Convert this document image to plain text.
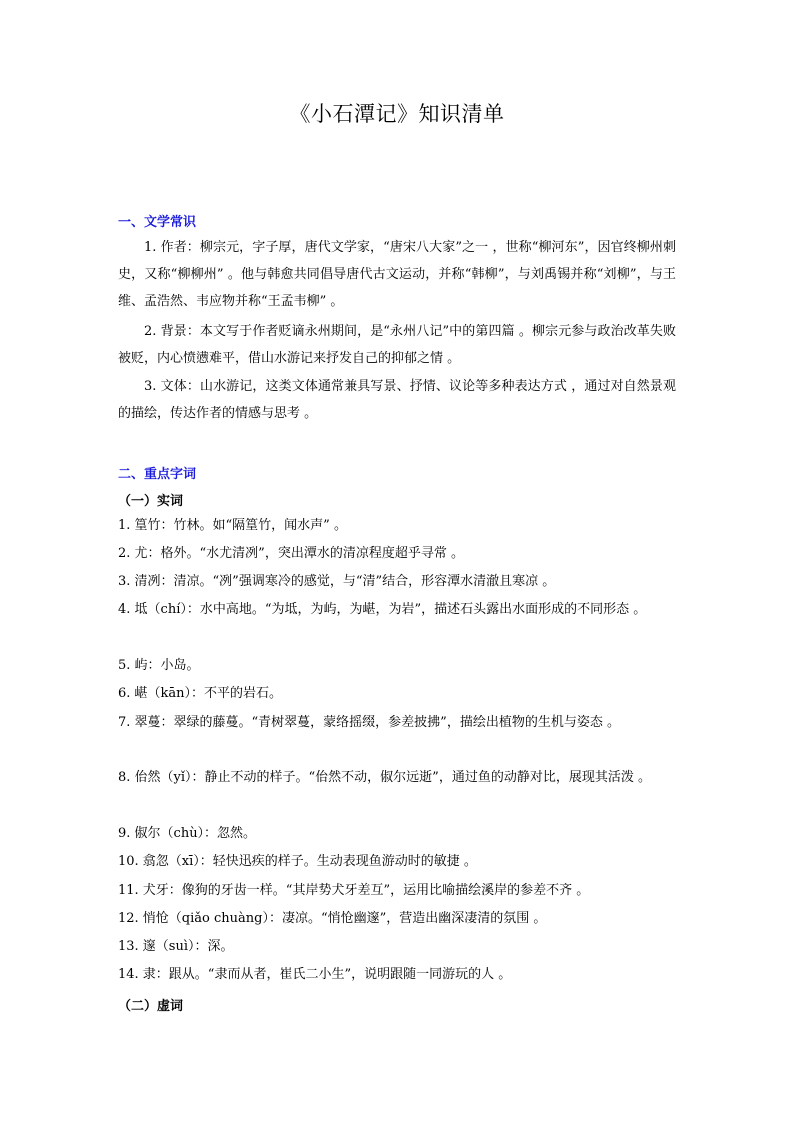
《小石潭记》知识清单
一、文学常识
1. 作者：柳宗元，字子厚，唐代文学家，“唐宋八大家”之一 ，世称“柳河东”，因官终柳州刺史，又称“柳柳州” 。他与韩愈共同倡导唐代古文运动，并称“韩柳”，与刘禹锡并称“刘柳”，与王维、孟浩然、韦应物并称“王孟韦柳” 。
2. 背景：本文写于作者贬谪永州期间，是“永州八记”中的第四篇 。柳宗元参与政治改革失败被贬，内心愤懑难平，借山水游记来抒发自己的抑郁之情 。
3. 文体：山水游记，这类文体通常兼具写景、抒情、议论等多种表达方式 ，通过对自然景观的描绘，传达作者的情感与思考 。
二、重点字词
（一）实词
1. 篁竹：竹林。如“隔篁竹，闻水声” 。
2. 尤：格外。“水尤清冽”，突出潭水的清凉程度超乎寻常 。
3. 清冽：清凉。“冽”强调寒冷的感觉，与“清”结合，形容潭水清澈且寒凉 。
4. 坻（chí）：水中高地。“为坻，为屿，为嵁，为岩”，描述石头露出水面形成的不同形态 。
5. 屿：小岛。
6. 嵁（kān）：不平的岩石。
7. 翠蔓：翠绿的藤蔓。“青树翠蔓，蒙络摇缀，参差披拂”，描绘出植物的生机与姿态 。
8. 佁然（yǐ）：静止不动的样子。“佁然不动，俶尔远逝”，通过鱼的动静对比，展现其活泼 。
9. 俶尔（chù）：忽然。
10. 翕忽（xī）：轻快迅疾的样子。生动表现鱼游动时的敏捷 。
11. 犬牙：像狗的牙齿一样。“其岸势犬牙差互”，运用比喻描绘溪岸的参差不齐 。
12. 悄怆（qiǎo chuàng）：凄凉。“悄怆幽邃”，营造出幽深凄清的氛围 。
13. 邃（suì）：深。
14. 隶：跟从。“隶而从者，崔氏二小生”，说明跟随一同游玩的人 。
（二）虚词
